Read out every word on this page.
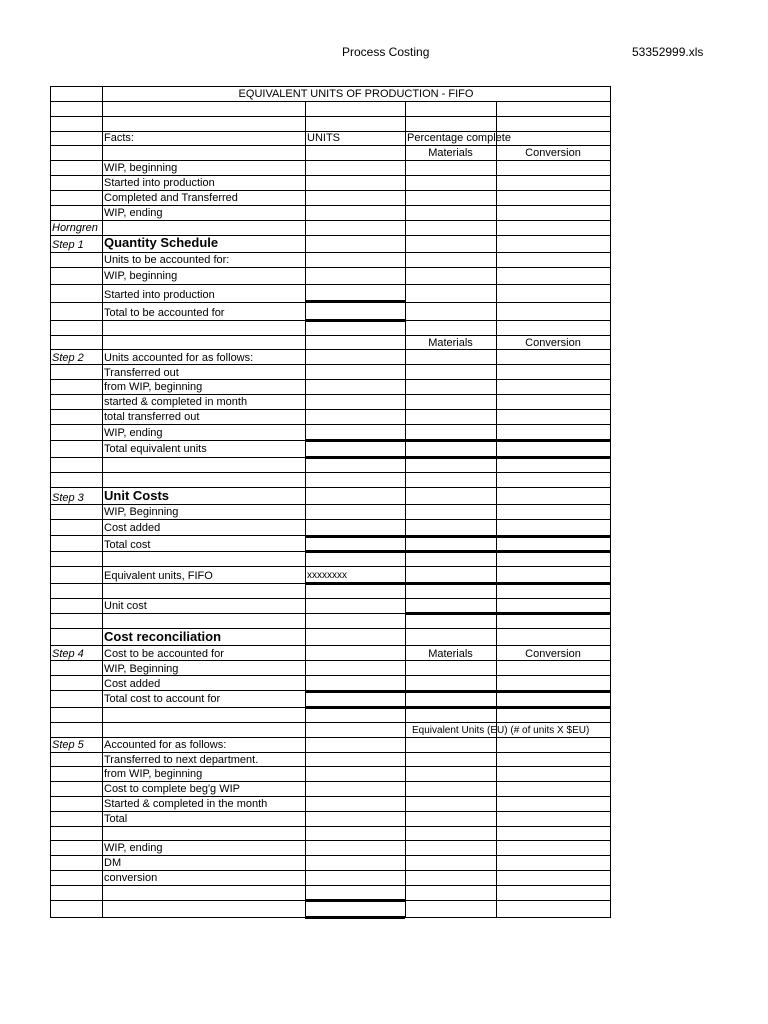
Process Costing	53352999.xls
EQUIVALENT UNITS OF PRODUCTION - FIFO
Facts:	UNITS	Percentage complete
Materials	Conversion
WIP, beginning
Started into production
Completed and Transferred
WIP, ending
Horngren
Step 1 Quantity Schedule
Units to be accounted for:
WIP, beginning
Started into production
Total to be accounted for
Materials	Conversion
Step 2 Units accounted for as follows:
Transferred out
from WIP, beginning
started & completed in month
total transferred out
WIP, ending
Total equivalent units
Step 3 Unit Costs
WIP, Beginning
Cost added
Total cost
Equivalent units, FIFO	xxxxxxxx
Unit cost
Cost reconciliation
Step 4 Cost to be accounted for	Materials	Conversion
WIP, Beginning
Cost added
Total cost to account for
Equivalent Units (EU) (# of units X $EU)
Step 5 Accounted for as follows:
Transferred to next department.
from WIP, beginning
Cost to complete beg'g WIP
Started & completed in the month
Total
WIP, ending
DM
conversion
